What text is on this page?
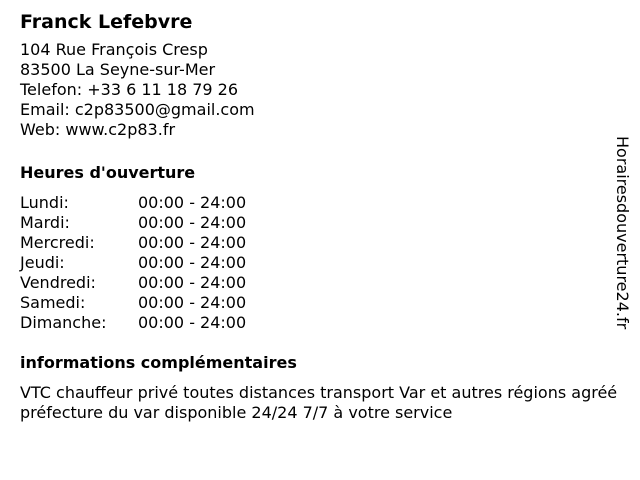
Franck Lefebvre
104 Rue François Cresp
83500 La Seyne-sur-Mer
Telefon: +33 6 11 18 79 26
Email: c2p83500@gmail.com
Web: www.c2p83.fr
Heures d'ouverture
Lundi:	00:00 - 24:00
Mardi:	00:00 - 24:00
Mercredi:	00:00 - 24:00
Jeudi:	00:00 - 24:00
Vendredi:	00:00 - 24:00
Samedi:	00:00 - 24:00
Dimanche:	00:00 - 24:00
informations complémentaires
VTC chauffeur privé toutes distances transport Var et autres régions agréé préfecture du var disponible 24/24 7/7 à votre service
Horairesdouverture24.fr
